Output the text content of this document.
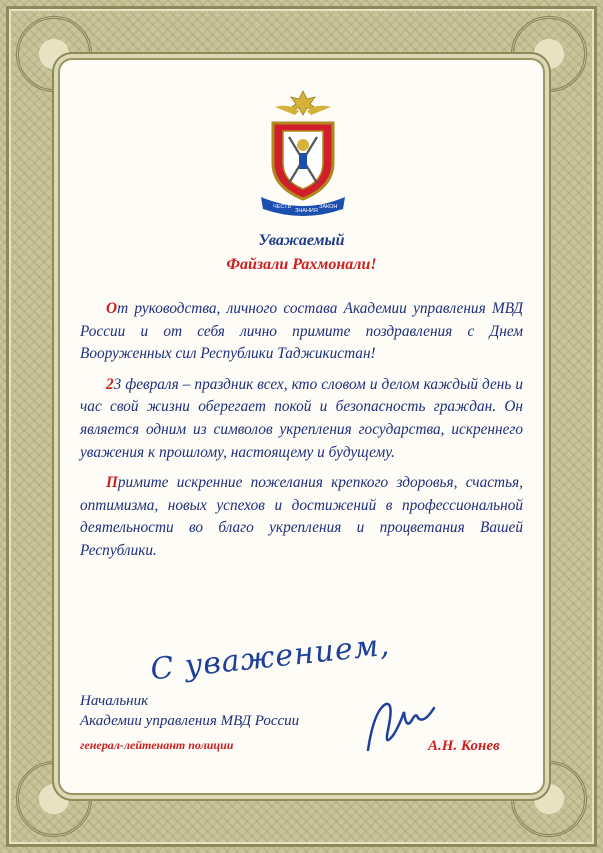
ЧЕСТЬ
ЗНАНИЯ
ЗАКОН
Уважаемый
Файзали Рахмонали!

От руководства, личного состава Академии управления МВД России и от себя лично примите поздравления с Днем Вооруженных сил Республики Таджикистан!

23 февраля – праздник всех, кто словом и делом каждый день и час свой жизни оберегает покой и безопасность граждан. Он является одним из символов укрепления государства, искреннего уважения к прошлому, настоящему и будущему.

Примите искренние пожелания крепкого здоровья, счастья, оптимизма, новых успехов и достижений в профессиональной деятельности во благо укрепления и процветания Вашей Республики.

С уважением,
Начальник
Академии управления МВД России
генерал-лейтенант полиции	А.Н. Конев
